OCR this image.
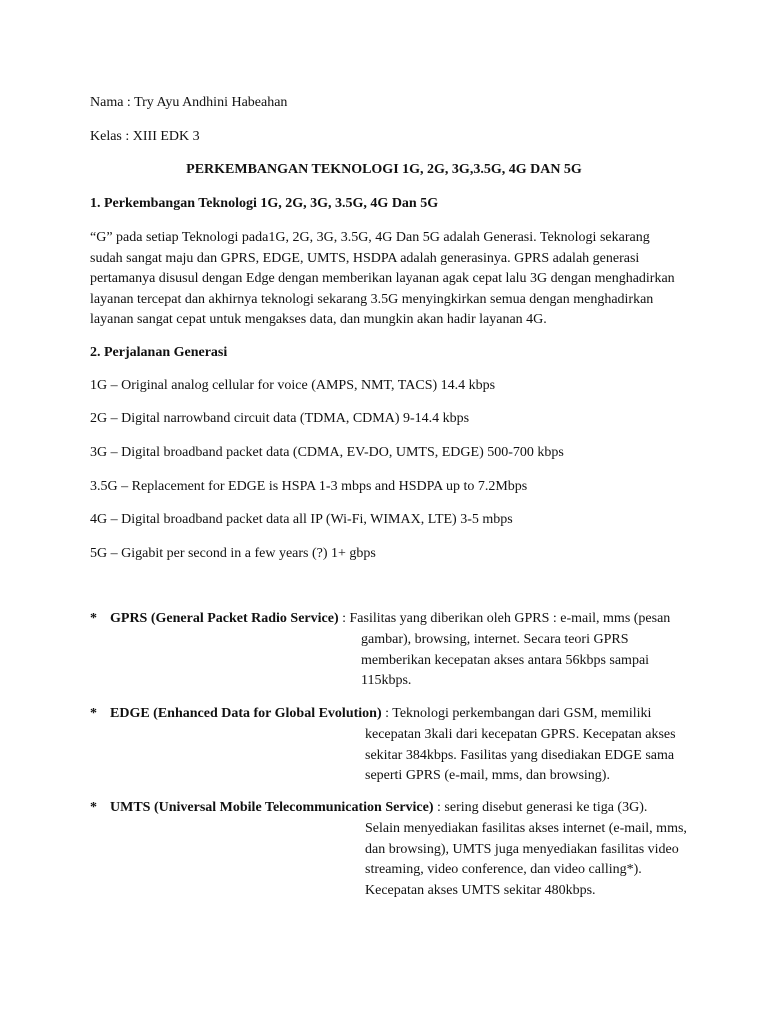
Nama : Try Ayu Andhini Habeahan
Kelas : XIII EDK 3
PERKEMBANGAN TEKNOLOGI 1G, 2G, 3G,3.5G, 4G DAN 5G
1. Perkembangan Teknologi 1G, 2G, 3G, 3.5G, 4G Dan 5G
“G” pada setiap Teknologi pada1G, 2G, 3G, 3.5G, 4G Dan 5G adalah Generasi. Teknologi sekarang
sudah sangat maju dan GPRS, EDGE, UMTS, HSDPA adalah generasinya. GPRS adalah generasi
pertamanya disusul dengan Edge dengan memberikan layanan agak cepat lalu 3G dengan menghadirkan
layanan tercepat dan akhirnya teknologi sekarang 3.5G menyingkirkan semua dengan menghadirkan
layanan sangat cepat untuk mengakses data, dan mungkin akan hadir layanan 4G.
2. Perjalanan Generasi
1G – Original analog cellular for voice (AMPS, NMT, TACS) 14.4 kbps
2G – Digital narrowband circuit data (TDMA, CDMA) 9-14.4 kbps
3G – Digital broadband packet data (CDMA, EV-DO, UMTS, EDGE) 500-700 kbps
3.5G – Replacement for EDGE is HSPA 1-3 mbps and HSDPA up to 7.2Mbps
4G – Digital broadband packet data all IP (Wi-Fi, WIMAX, LTE) 3-5 mbps
5G – Gigabit per second in a few years (?) 1+ gbps
* GPRS (General Packet Radio Service) : Fasilitas yang diberikan oleh GPRS : e-mail, mms (pesan
gambar), browsing, internet. Secara teori GPRS
memberikan kecepatan akses antara 56kbps sampai
115kbps.
* EDGE (Enhanced Data for Global Evolution) : Teknologi perkembangan dari GSM, memiliki
kecepatan 3kali dari kecepatan GPRS. Kecepatan akses
sekitar 384kbps. Fasilitas yang disediakan EDGE sama
seperti GPRS (e-mail, mms, dan browsing).
* UMTS (Universal Mobile Telecommunication Service) : sering disebut generasi ke tiga (3G).
Selain menyediakan fasilitas akses internet (e-mail, mms,
dan browsing), UMTS juga menyediakan fasilitas video
streaming, video conference, dan video calling*).
Kecepatan akses UMTS sekitar 480kbps.
